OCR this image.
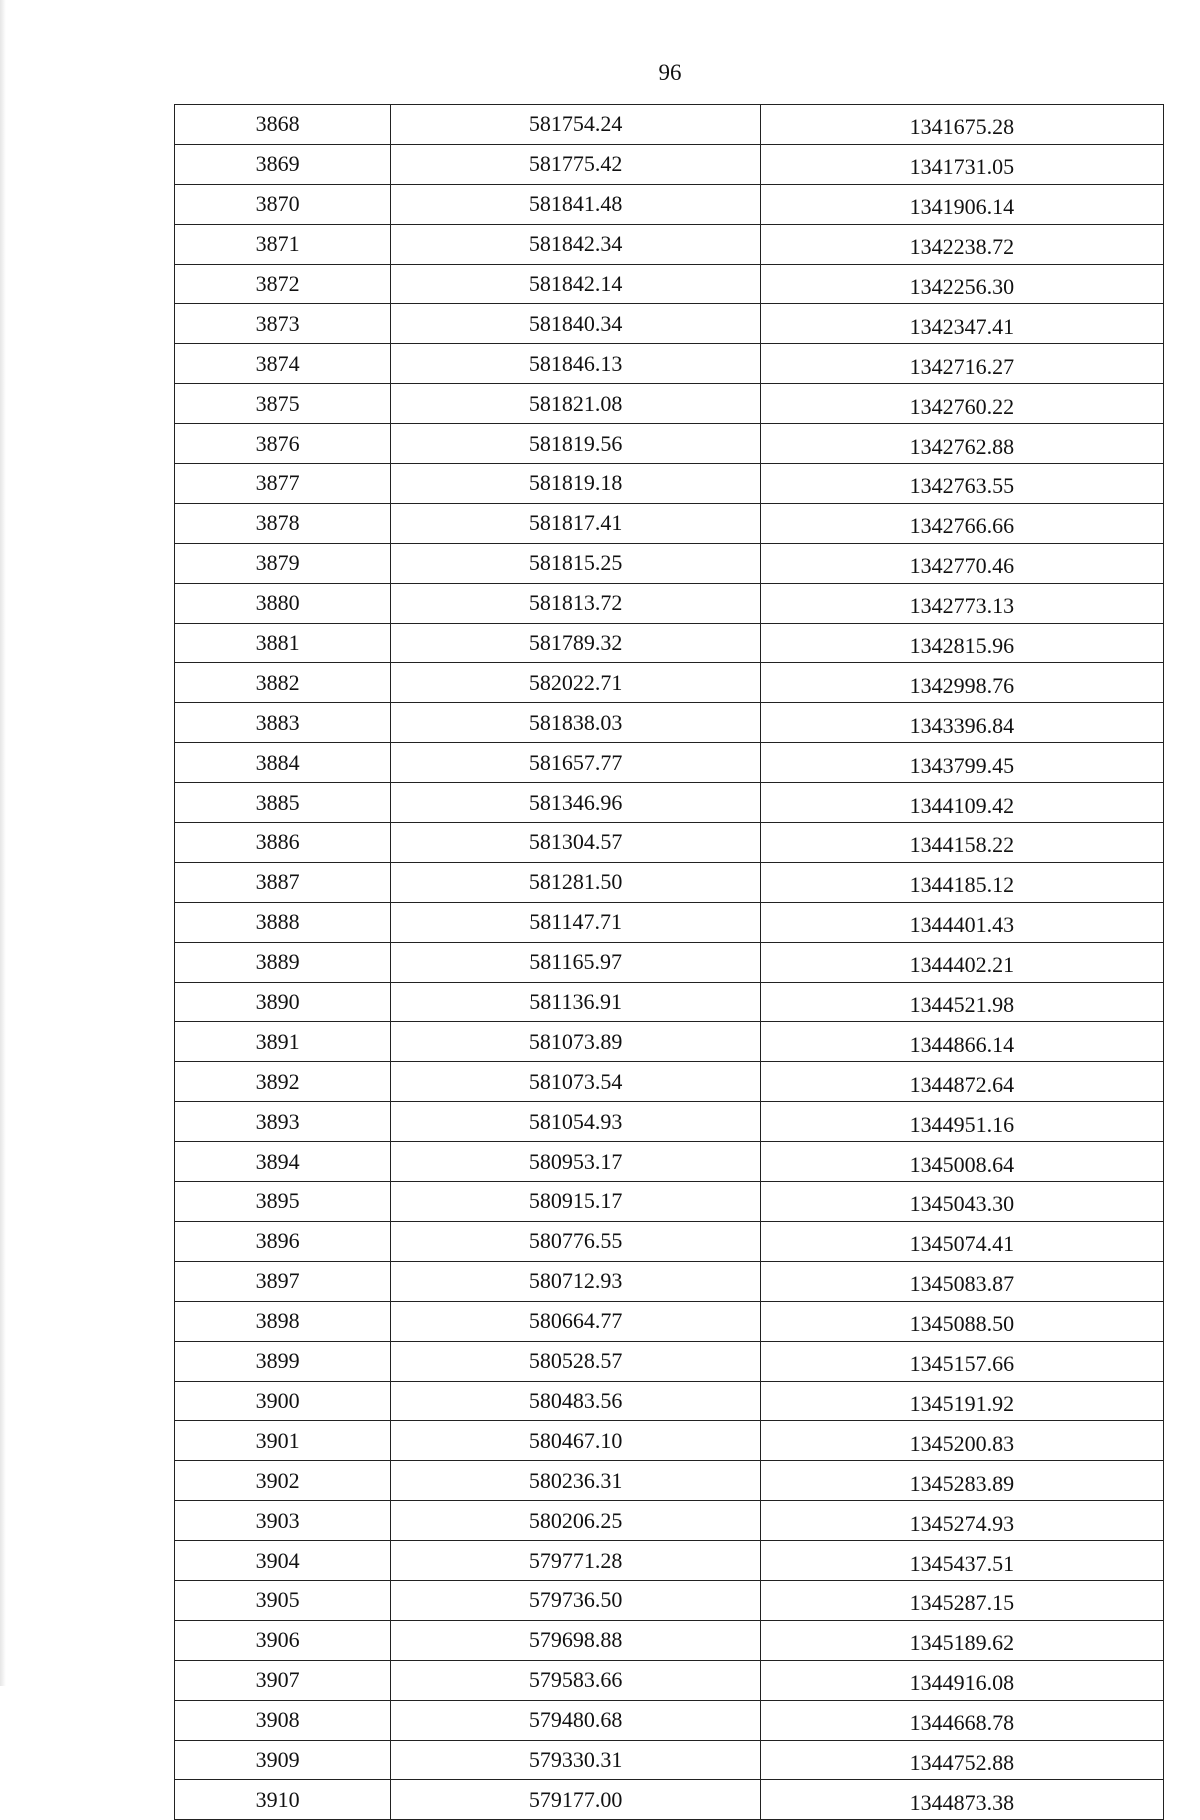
96
3868	581754.24	1341675.28
3869	581775.42	1341731.05
3870	581841.48	1341906.14
3871	581842.34	1342238.72
3872	581842.14	1342256.30
3873	581840.34	1342347.41
3874	581846.13	1342716.27
3875	581821.08	1342760.22
3876	581819.56	1342762.88
3877	581819.18	1342763.55
3878	581817.41	1342766.66
3879	581815.25	1342770.46
3880	581813.72	1342773.13
3881	581789.32	1342815.96
3882	582022.71	1342998.76
3883	581838.03	1343396.84
3884	581657.77	1343799.45
3885	581346.96	1344109.42
3886	581304.57	1344158.22
3887	581281.50	1344185.12
3888	581147.71	1344401.43
3889	581165.97	1344402.21
3890	581136.91	1344521.98
3891	581073.89	1344866.14
3892	581073.54	1344872.64
3893	581054.93	1344951.16
3894	580953.17	1345008.64
3895	580915.17	1345043.30
3896	580776.55	1345074.41
3897	580712.93	1345083.87
3898	580664.77	1345088.50
3899	580528.57	1345157.66
3900	580483.56	1345191.92
3901	580467.10	1345200.83
3902	580236.31	1345283.89
3903	580206.25	1345274.93
3904	579771.28	1345437.51
3905	579736.50	1345287.15
3906	579698.88	1345189.62
3907	579583.66	1344916.08
3908	579480.68	1344668.78
3909	579330.31	1344752.88
3910	579177.00	1344873.38
